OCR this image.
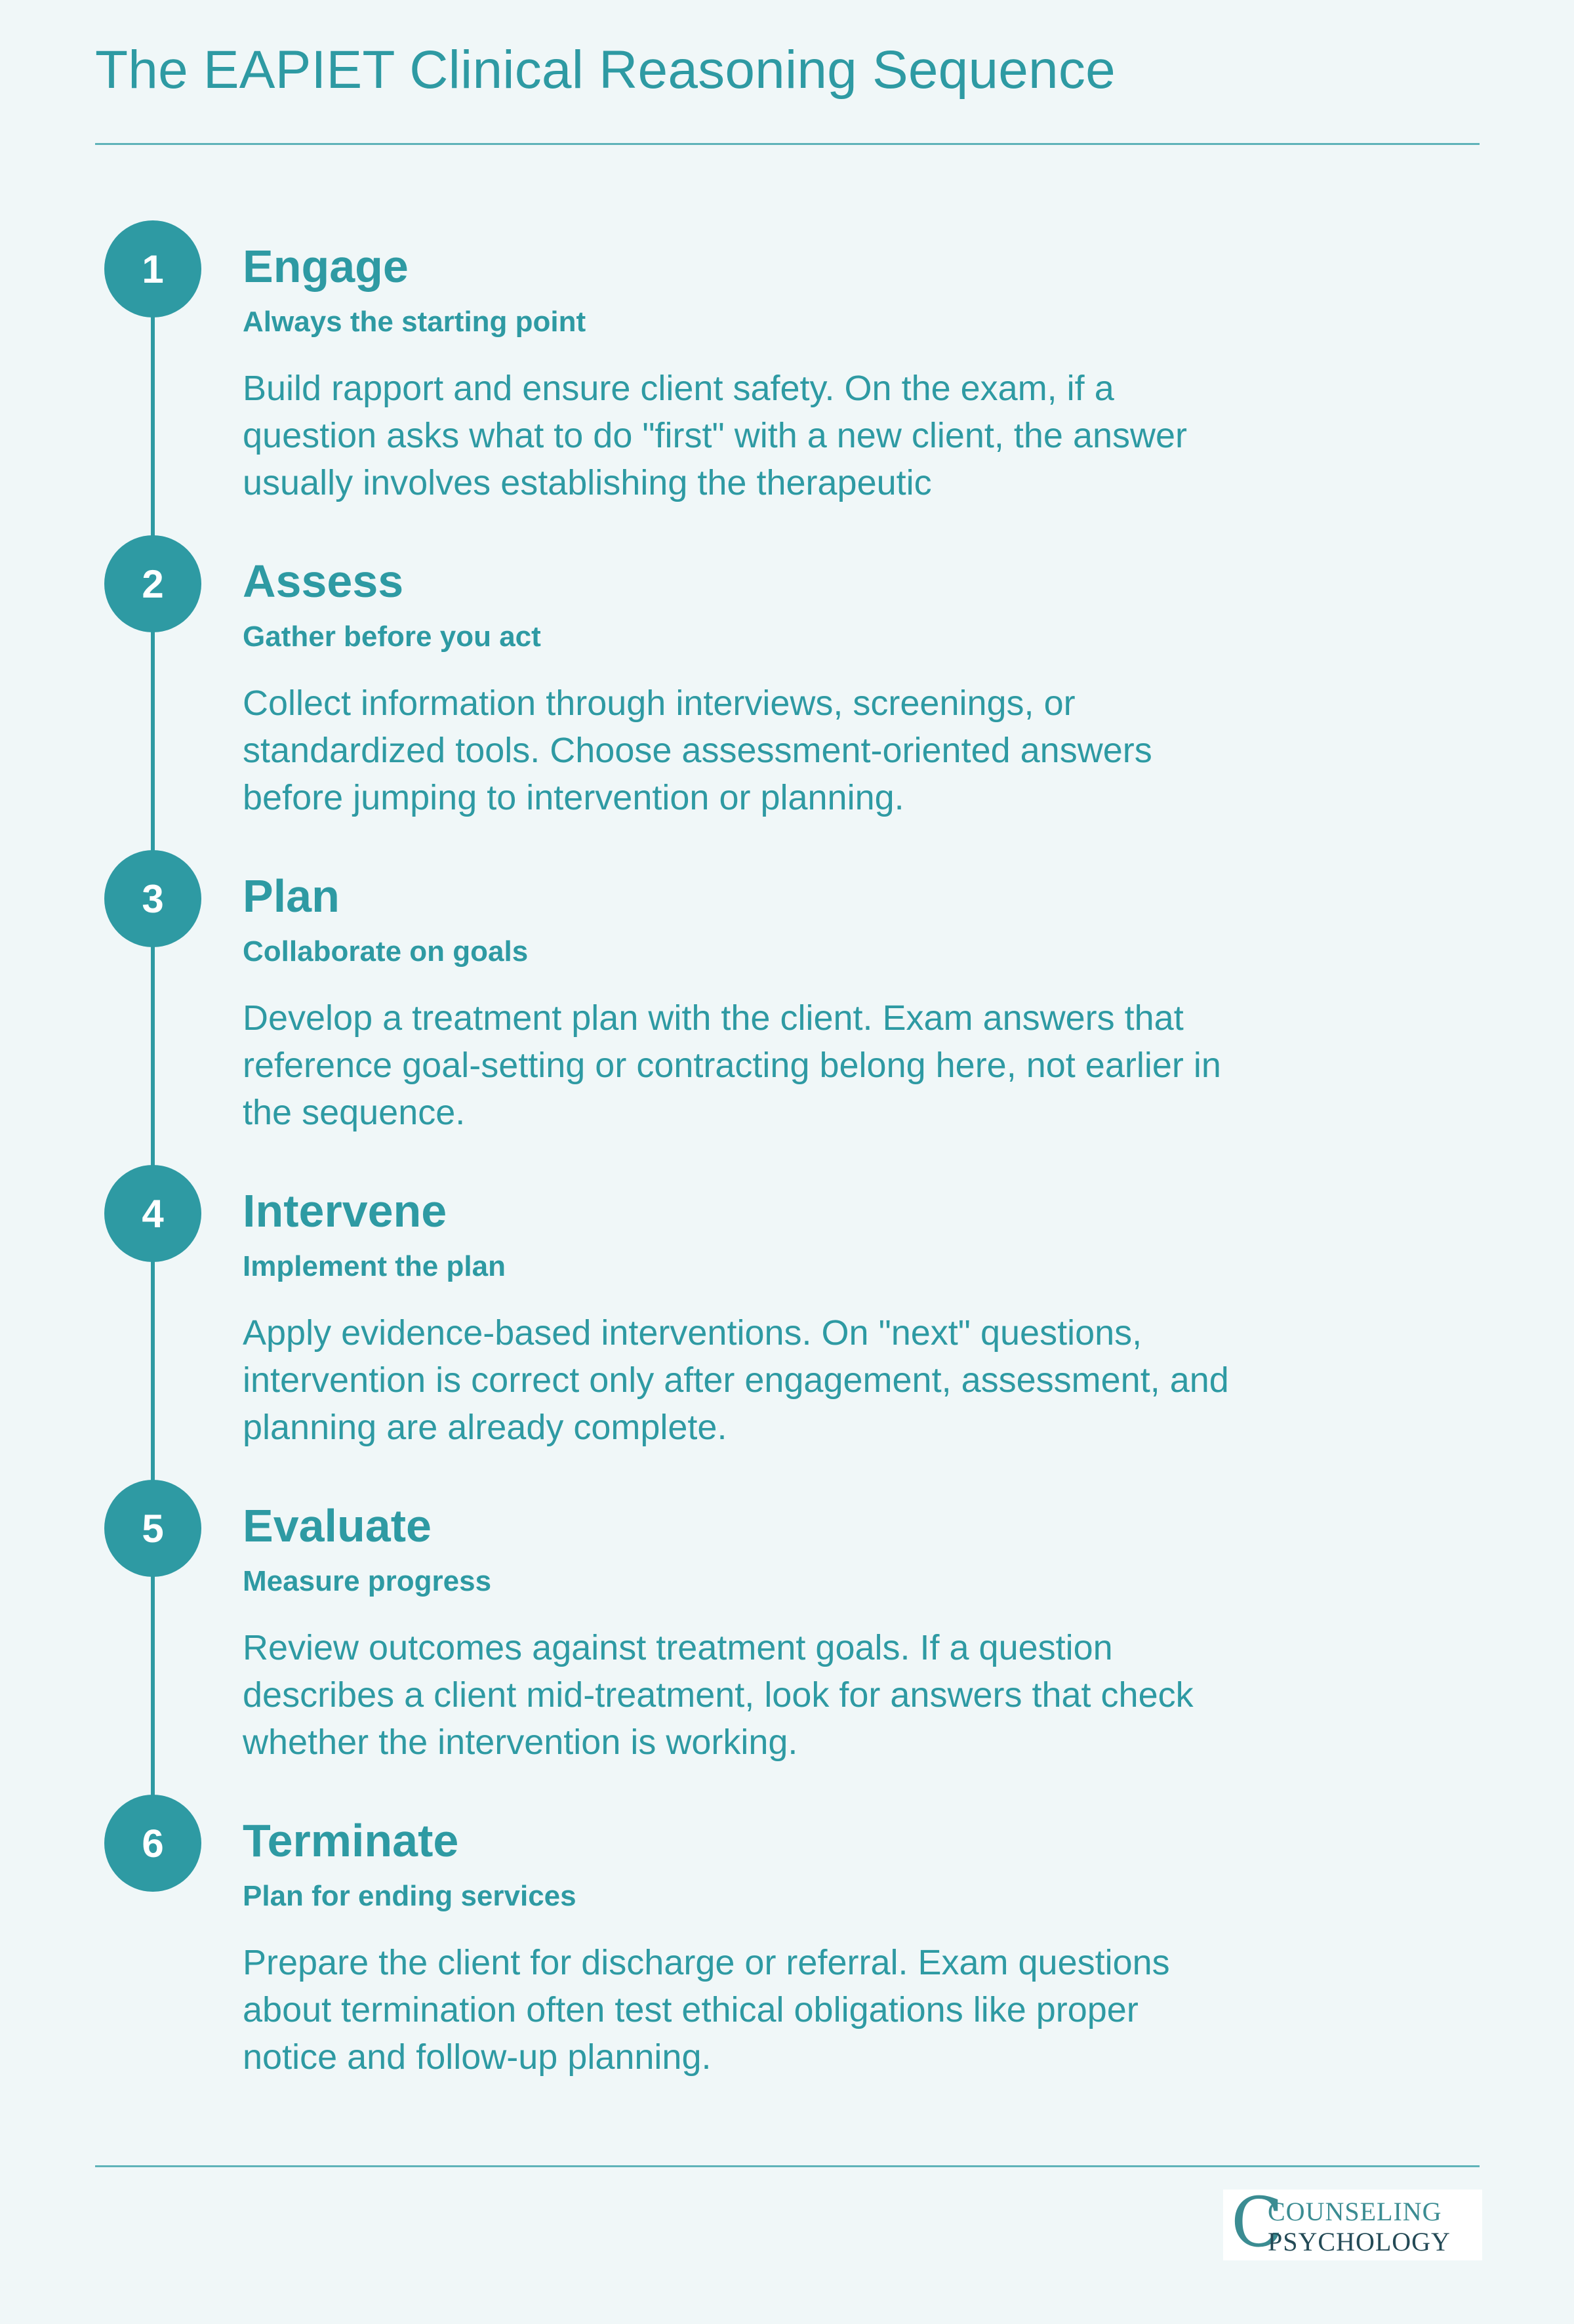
The EAPIET Clinical Reasoning Sequence
1	Engage
Always the starting point
Build rapport and ensure client safety. On the exam, if a question asks what to do "first" with a new client, the answer usually involves establishing the therapeutic
2	Assess
Gather before you act
Collect information through interviews, screenings, or standardized tools. Choose assessment-oriented answers before jumping to intervention or planning.
3	Plan
Collaborate on goals
Develop a treatment plan with the client. Exam answers that reference goal-setting or contracting belong here, not earlier in the sequence.
4	Intervene
Implement the plan
Apply evidence-based interventions. On "next" questions, intervention is correct only after engagement, assessment, and planning are already complete.
5	Evaluate
Measure progress
Review outcomes against treatment goals. If a question describes a client mid-treatment, look for answers that check whether the intervention is working.
6	Terminate
Plan for ending services
Prepare the client for discharge or referral. Exam questions about termination often test ethical obligations like proper notice and follow-up planning.
C
COUNSELING
PSYCHOLOGY
